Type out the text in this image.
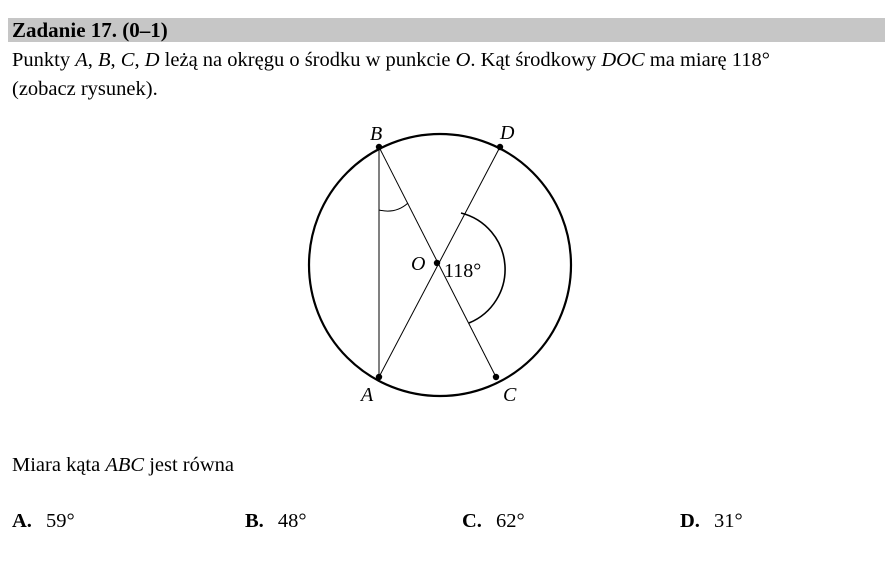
Zadanie 17. (0–1)
Punkty A, B, C, D leżą na okręgu o środku w punkcie O. Kąt środkowy DOC ma miarę 118°
(zobacz rysunek).
B	D
A	C
O 118°
Miara kąta ABC jest równa
A. 59°	B. 48°	C. 62°	D. 31°
